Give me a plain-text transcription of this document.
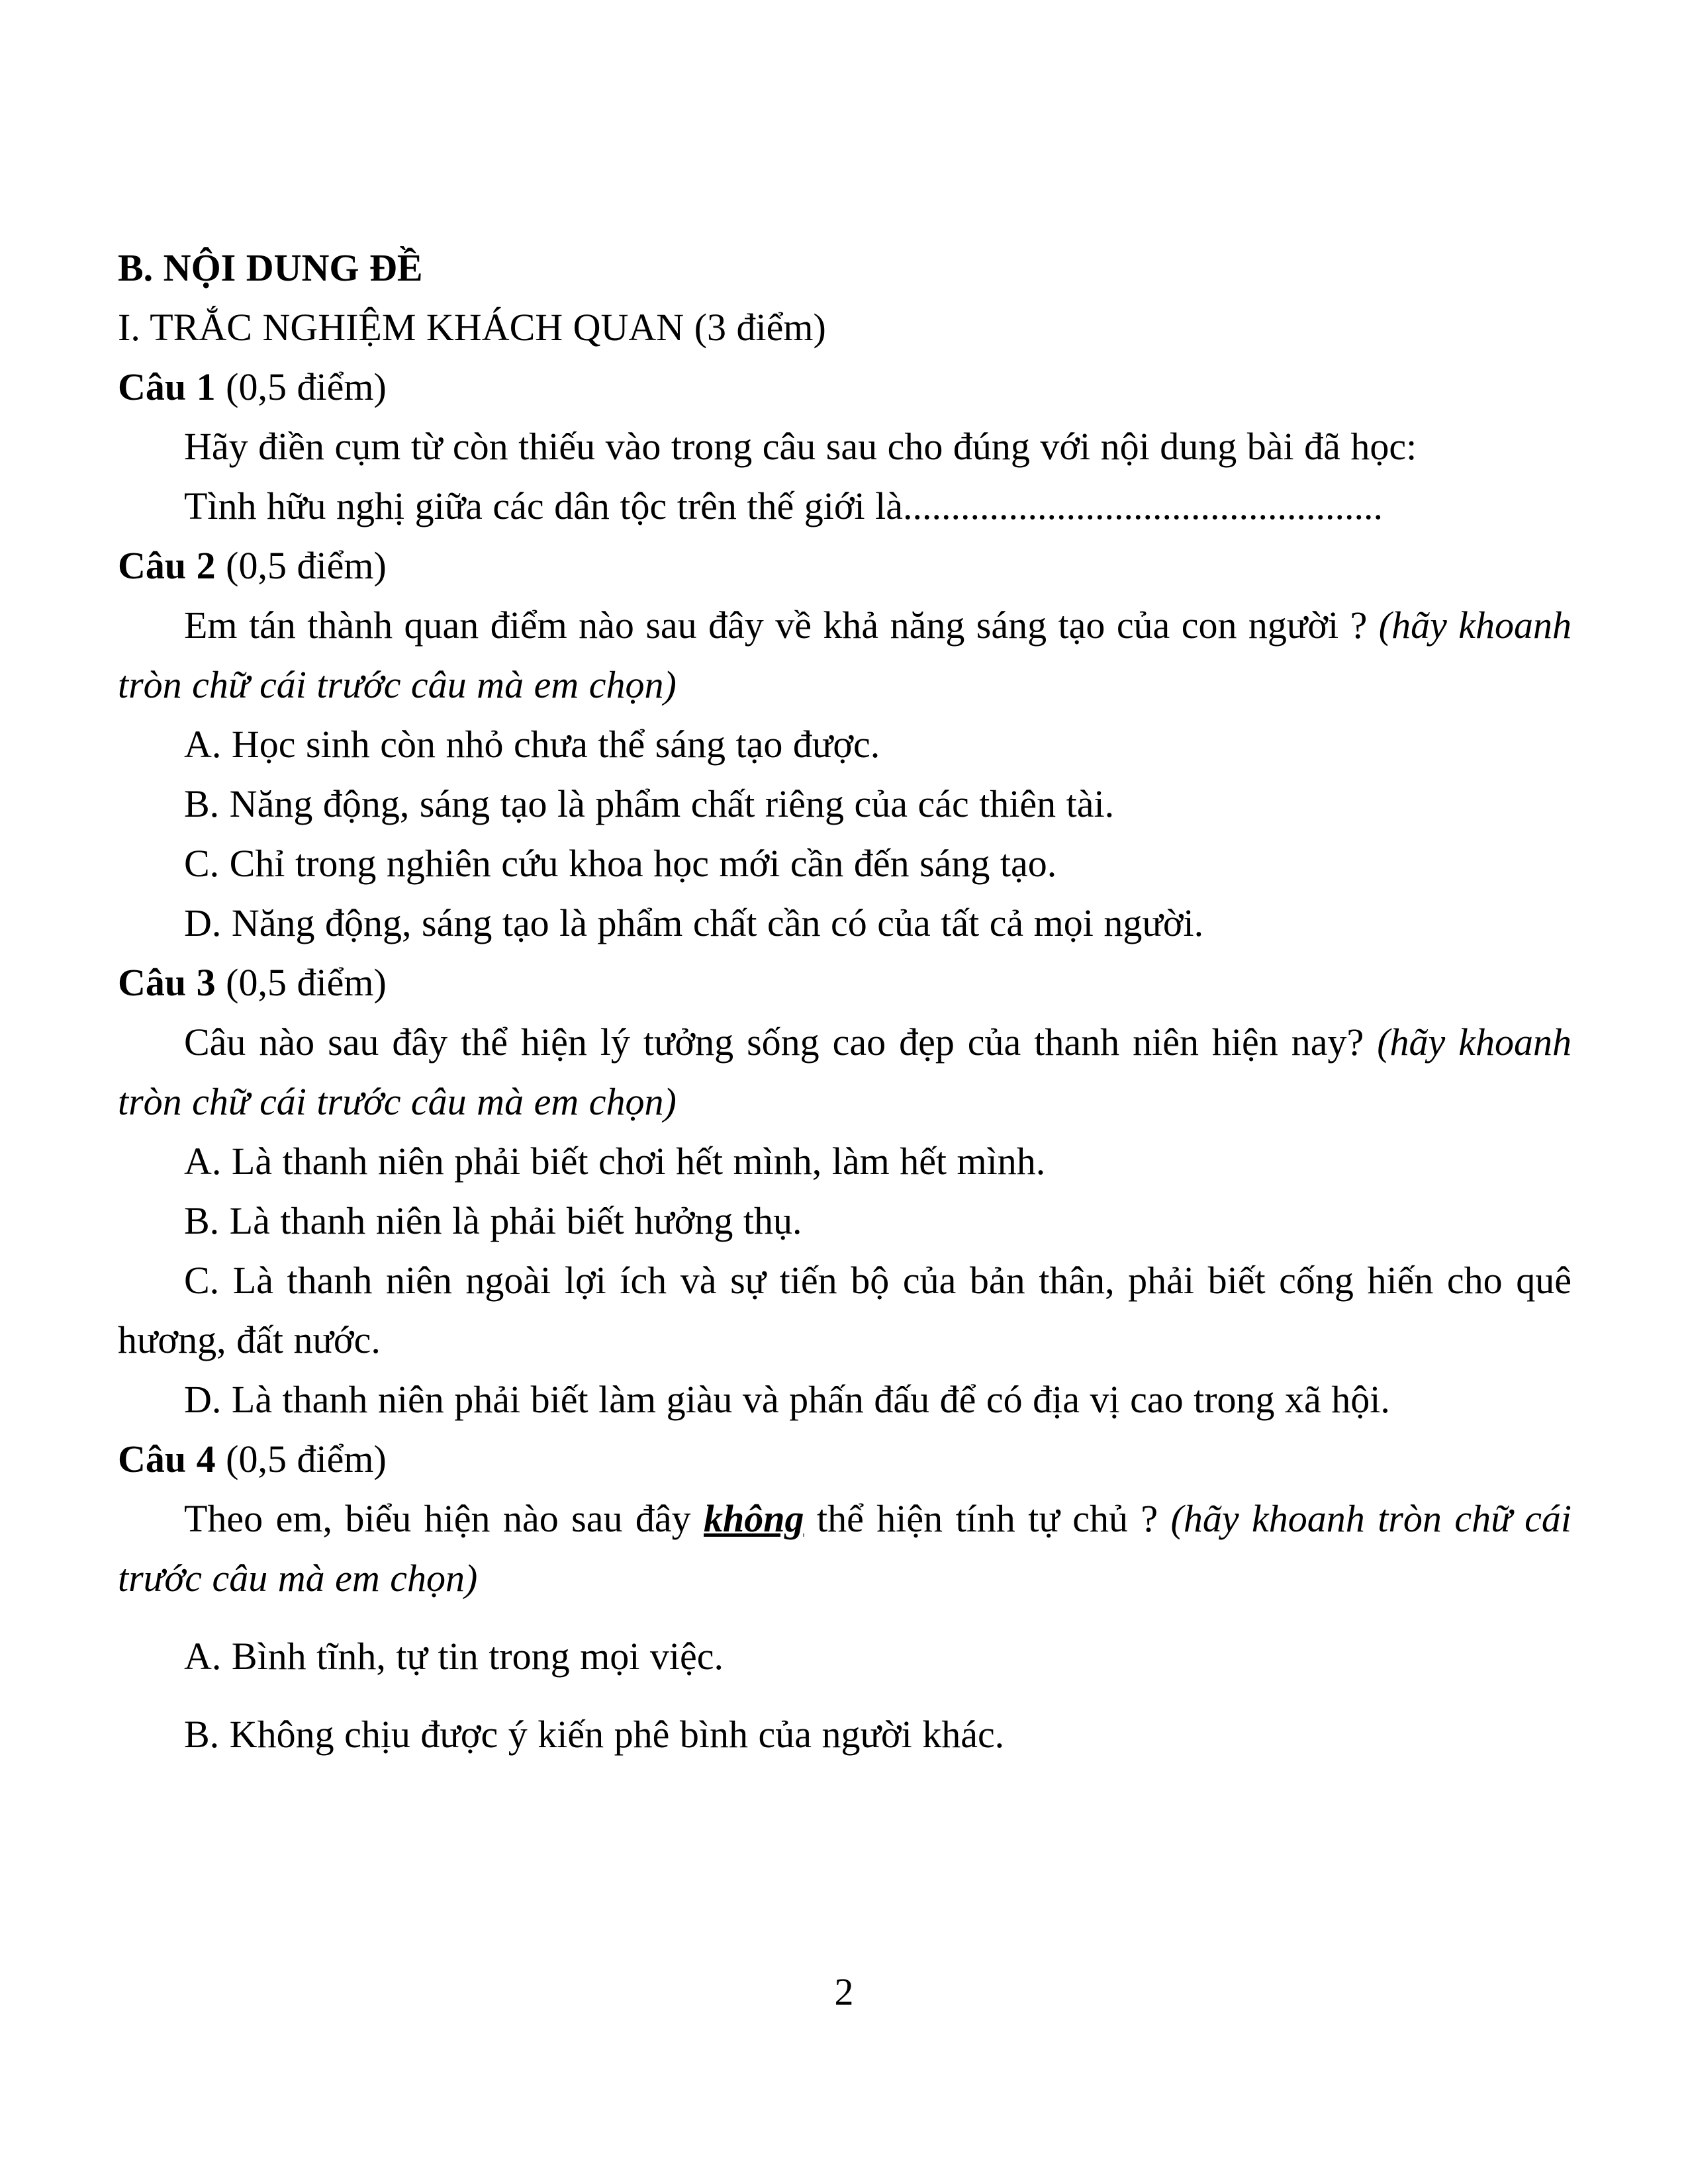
B. NỘI DUNG ĐỀ

I. TRẮC NGHIỆM KHÁCH QUAN (3 điểm)

Câu 1 (0,5 điểm)

Hãy điền cụm từ còn thiếu vào trong câu sau cho đúng với nội dung bài đã học:

Tình hữu nghị giữa các dân tộc trên thế giới là..................................................

Câu 2 (0,5 điểm)

Em tán thành quan điểm nào sau đây về khả năng sáng tạo của con người ? (hãy khoanh tròn chữ cái trước câu mà em chọn)

A. Học sinh còn nhỏ chưa thể sáng tạo được.

B. Năng động, sáng tạo là phẩm chất riêng của các thiên tài.

C. Chỉ trong nghiên cứu khoa học mới cần đến sáng tạo.

D. Năng động, sáng tạo là phẩm chất cần có của tất cả mọi người.

Câu 3 (0,5 điểm)

Câu nào sau đây thể hiện lý tưởng sống cao đẹp của thanh niên hiện nay? (hãy khoanh tròn chữ cái trước câu mà em chọn)

A. Là thanh niên phải biết chơi hết mình, làm hết mình.

B. Là thanh niên là phải biết hưởng thụ.

C. Là thanh niên ngoài lợi ích và sự tiến bộ của bản thân, phải biết cống hiến cho quê hương, đất nước.

D. Là thanh niên phải biết làm giàu và phấn đấu để có địa vị cao trong xã hội.

Câu 4 (0,5 điểm)

Theo em, biểu hiện nào sau đây không thể hiện tính tự chủ ? (hãy khoanh tròn chữ cái trước câu mà em chọn)

A. Bình tĩnh, tự tin trong mọi việc.

B. Không chịu được ý kiến phê bình của người khác.

2
